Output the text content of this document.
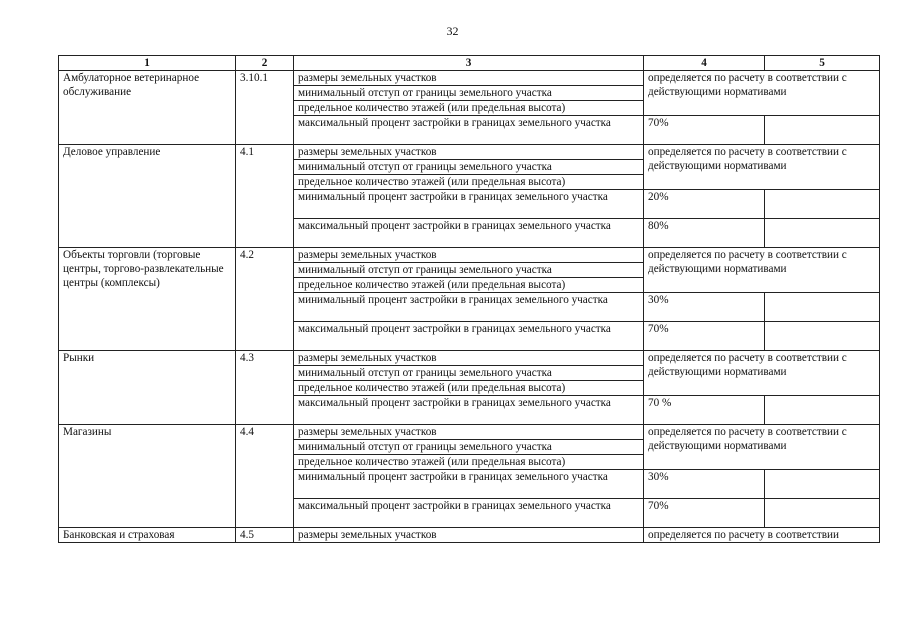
32
1	2	3	4	5
Амбулаторное ветеринарное обслуживание	3.10.1	размеры земельных участков	определяется по расчету в соответствии с действующими нормативами	
		минимальный отступ от границы земельного участка		
		предельное количество этажей (или предельная высота)		
		максимальный процент застройки в границах земельного участка	70%	
Деловое управление	4.1	размеры земельных участков	определяется по расчету в соответствии с действующими нормативами	
		минимальный отступ от границы земельного участка		
		предельное количество этажей (или предельная высота)		
		минимальный процент застройки в границах земельного участка	20%	
		максимальный процент застройки в границах земельного участка	80%	
Объекты торговли (торговые центры, торгово-развлекательные центры (комплексы)	4.2	размеры земельных участков	определяется по расчету в соответствии с действующими нормативами	
		минимальный отступ от границы земельного участка		
		предельное количество этажей (или предельная высота)		
		минимальный процент застройки в границах земельного участка	30%	
		максимальный процент застройки в границах земельного участка	70%	
Рынки	4.3	размеры земельных участков	определяется по расчету в соответствии с действующими нормативами	
		минимальный отступ от границы земельного участка		
		предельное количество этажей (или предельная высота)		
		максимальный процент застройки в границах земельного участка	70 %	
Магазины	4.4	размеры земельных участков	определяется по расчету в соответствии с действующими нормативами	
		минимальный отступ от границы земельного участка		
		предельное количество этажей (или предельная высота)		
		минимальный процент застройки в границах земельного участка	30%	
		максимальный процент застройки в границах земельного участка	70%	
Банковская и страховая	4.5	размеры земельных участков	определяется по расчету в соответствии	
